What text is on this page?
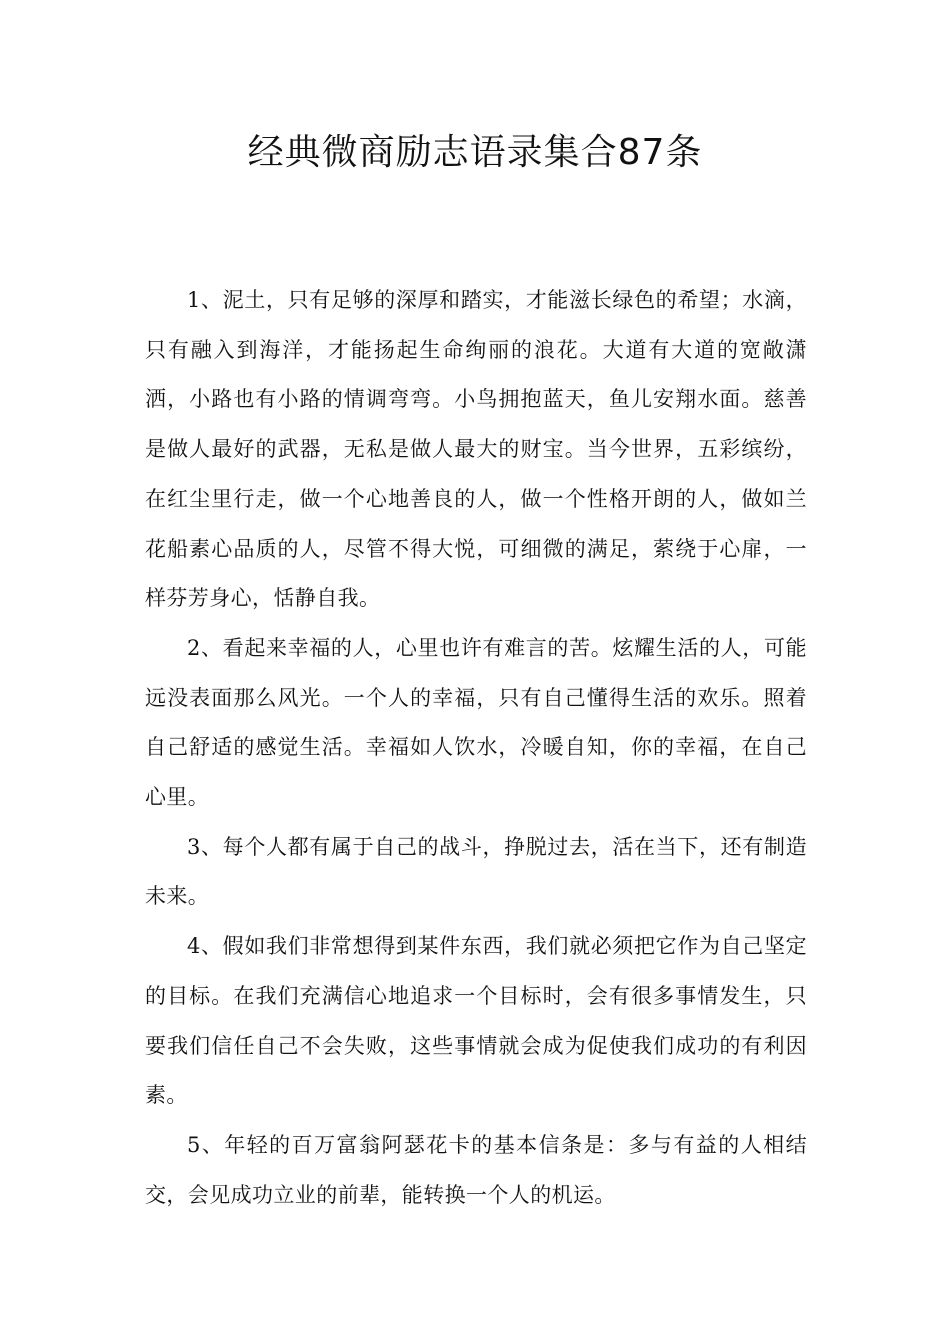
经典微商励志语录集合87条

1、泥土，只有足够的深厚和踏实，才能滋长绿色的希望；水滴，只有融入到海洋，才能扬起生命绚丽的浪花。大道有大道的宽敞潇洒，小路也有小路的情调弯弯。小鸟拥抱蓝天，鱼儿安翔水面。慈善是做人最好的武器，无私是做人最大的财宝。当今世界，五彩缤纷，在红尘里行走，做一个心地善良的人，做一个性格开朗的人，做如兰花船素心品质的人，尽管不得大悦，可细微的满足，萦绕于心扉，一样芬芳身心，恬静自我。

2、看起来幸福的人，心里也许有难言的苦。炫耀生活的人，可能远没表面那么风光。一个人的幸福，只有自己懂得生活的欢乐。照着自己舒适的感觉生活。幸福如人饮水，冷暖自知，你的幸福，在自己心里。

3、每个人都有属于自己的战斗，挣脱过去，活在当下，还有制造未来。

4、假如我们非常想得到某件东西，我们就必须把它作为自己坚定的目标。在我们充满信心地追求一个目标时，会有很多事情发生，只要我们信任自己不会失败，这些事情就会成为促使我们成功的有利因素。

5、年轻的百万富翁阿瑟花卡的基本信条是：多与有益的人相结交，会见成功立业的前辈，能转换一个人的机运。
